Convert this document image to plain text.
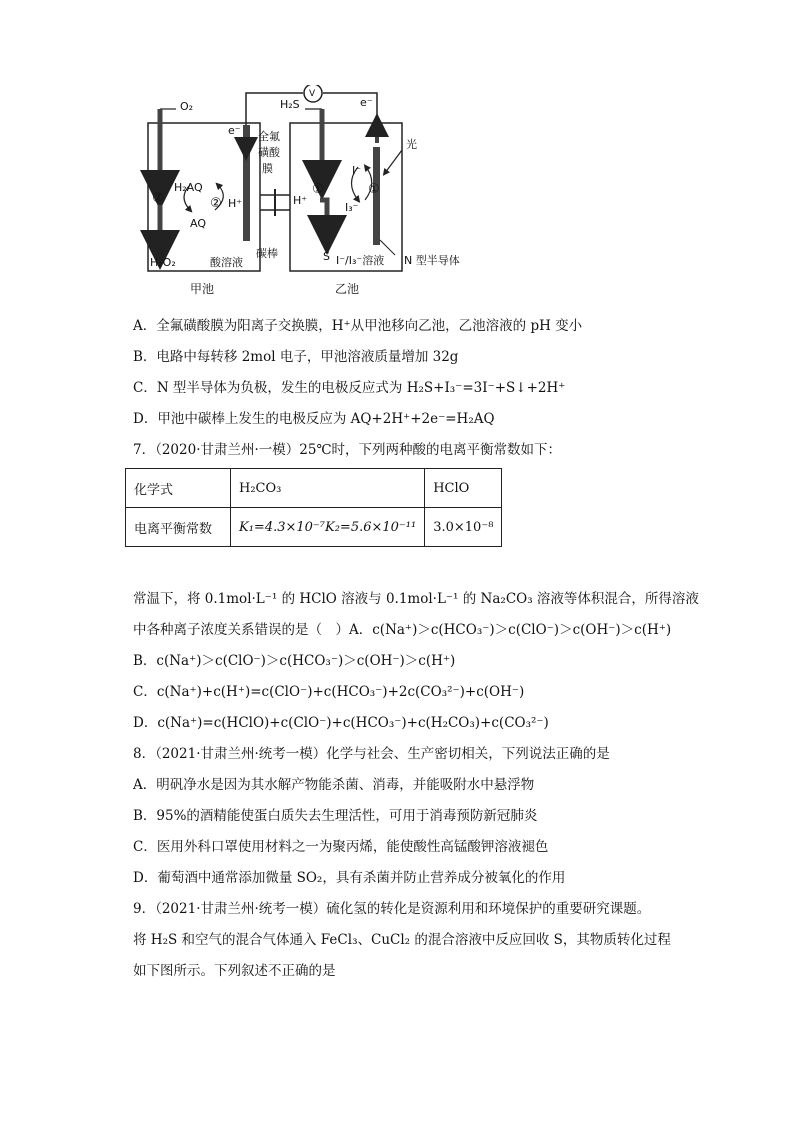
O₂	H₂S
V
e⁻
e⁻
全氟
磺酸
膜
光
H₂AQ
AQ
②	② H⁺	H⁺
①	①
I⁻
I₃⁻
H₂O₂	酸溶液
碳棒	S I⁻/I₃⁻溶液 N 型半导体
甲池	乙池
A．全氟磺酸膜为阳离子交换膜，H⁺从甲池移向乙池，乙池溶液的 pH 变小
B．电路中每转移 2mol 电子，甲池溶液质量增加 32g
C．N 型半导体为负极，发生的电极反应式为 H₂S+I₃⁻=3I⁻+S↓+2H⁺
D．甲池中碳棒上发生的电极反应为 AQ+2H⁺+2e⁻=H₂AQ
7．（2020·甘肃兰州·一模）25℃时，下列两种酸的电离平衡常数如下：
化学式	H₂CO₃	HClO
电离平衡常数	K₁=4.3×10⁻⁷K₂=5.6×10⁻¹¹	3.0×10⁻⁸
常温下，将 0.1mol·L⁻¹ 的 HClO 溶液与 0.1mol·L⁻¹ 的 Na₂CO₃ 溶液等体积混合，所得溶液
中各种离子浓度关系错误的是（　）A．c(Na⁺)＞c(HCO₃⁻)＞c(ClO⁻)＞c(OH⁻)＞c(H⁺)
B．c(Na⁺)＞c(ClO⁻)＞c(HCO₃⁻)＞c(OH⁻)＞c(H⁺)
C．c(Na⁺)+c(H⁺)=c(ClO⁻)+c(HCO₃⁻)+2c(CO₃²⁻)+c(OH⁻)
D．c(Na⁺)=c(HClO)+c(ClO⁻)+c(HCO₃⁻)+c(H₂CO₃)+c(CO₃²⁻)
8．（2021·甘肃兰州·统考一模）化学与社会、生产密切相关，下列说法正确的是
A．明矾净水是因为其水解产物能杀菌、消毒，并能吸附水中悬浮物
B．95%的酒精能使蛋白质失去生理活性，可用于消毒预防新冠肺炎
C．医用外科口罩使用材料之一为聚丙烯，能使酸性高锰酸钾溶液褪色
D．葡萄酒中通常添加微量 SO₂，具有杀菌并防止营养成分被氧化的作用
9．（2021·甘肃兰州·统考一模）硫化氢的转化是资源利用和环境保护的重要研究课题。
将 H₂S 和空气的混合气体通入 FeCl₃、CuCl₂ 的混合溶液中反应回收 S，其物质转化过程
如下图所示。下列叙述不正确的是
